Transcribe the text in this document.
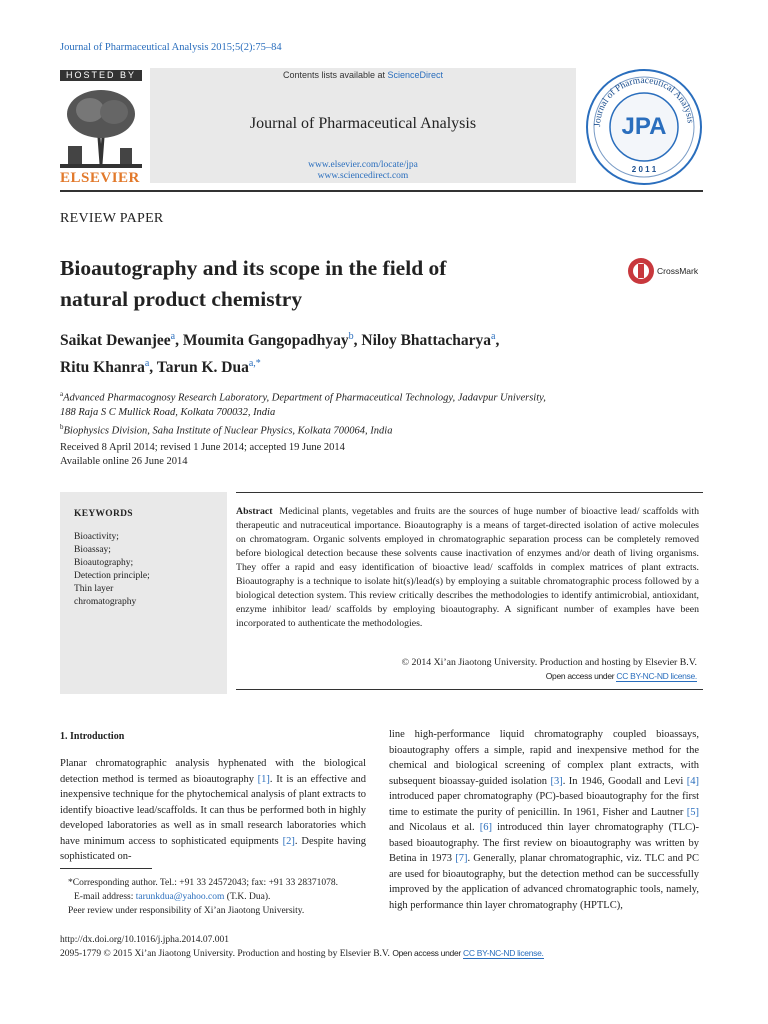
Journal of Pharmaceutical Analysis 2015;5(2):75–84
HOSTED BY
ELSEVIER
Contents lists available at ScienceDirect
Journal of Pharmaceutical Analysis
www.elsevier.com/locate/jpa
www.sciencedirect.com
Journal of Pharmaceutical Analysis
JPA
2 0 1 1
REVIEW PAPER
Bioautography and its scope in the field of
natural product chemistry
CrossMark
Saikat Dewanjee$^a$, Moumita Gangopadhyay$^b$, Niloy Bhattacharya$^a$,
Ritu Khanra$^a$, Tarun K. Dua$^{a,*}$
$^a$Advanced Pharmacognosy Research Laboratory, Department of Pharmaceutical Technology, Jadavpur University,
188 Raja S C Mullick Road, Kolkata 700032, India
$^b$Biophysics Division, Saha Institute of Nuclear Physics, Kolkata 700064, India
Received 8 April 2014; revised 1 June 2014; accepted 19 June 2014
Available online 26 June 2014
KEYWORDS
Bioactivity;
Bioassay;
Bioautography;
Detection principle;
Thin layer
chromatography
Abstract Medicinal plants, vegetables and fruits are the sources of huge number of bioactive lead/ scaffolds with therapeutic and nutraceutical importance. Bioautography is a means of target-directed isolation of active molecules on chromatogram. Organic solvents employed in chromatographic separation process can be completely removed before biological detection because these solvents cause inactivation of enzymes and/or death of living organisms. They offer a rapid and easy identification of bioactive lead/ scaffolds in complex matrices of plant extracts. Bioautography is a technique to isolate hit(s)/lead(s) by employing a suitable chromatographic process followed by a biological detection system. This review critically describes the methodologies to identify antimicrobial, antioxidant, enzyme inhibitor lead/ scaffolds by employing bioautography. A significant number of examples have been incorporated to authenticate the methodologies.
© 2014 Xi’an Jiaotong University. Production and hosting by Elsevier B.V.
Open access under CC BY-NC-ND license.
1. Introduction
Planar chromatographic analysis hyphenated with the biological detection method is termed as bioautography [1]. It is an effective and inexpensive technique for the phytochemical analysis of plant extracts to identify bioactive lead/scaffolds. It can thus be performed both in highly developed laboratories as well as in small research laboratories which have minimum access to sophisticated equipments [2]. Despite having sophisticated on-
line high-performance liquid chromatography coupled bioassays, bioautography offers a simple, rapid and inexpensive method for the chemical and biological screening of complex plant extracts, with subsequent bioassay-guided isolation [3]. In 1946, Goodall and Levi [4] introduced paper chromatography (PC)-based bioautography for the first time to estimate the purity of penicillin. In 1961, Fisher and Lautner [5] and Nicolaus et al. [6] introduced thin layer chromatography (TLC)-based bioautography. The first review on bioautography was written by Betina in 1973 [7]. Generally, planar chromatographic, viz. TLC and PC are used for bioautography, but the detection method can be successfully improved by the application of advanced chromatographic tools, namely, high performance thin layer chromatography (HPTLC),
*Corresponding author. Tel.: +91 33 24572043; fax: +91 33 28371078.
E-mail address: tarunkdua@yahoo.com (T.K. Dua).
Peer review under responsibility of Xi’an Jiaotong University.
http://dx.doi.org/10.1016/j.jpha.2014.07.001
2095-1779 © 2015 Xi’an Jiaotong University. Production and hosting by Elsevier B.V. Open access under CC BY-NC-ND license.
